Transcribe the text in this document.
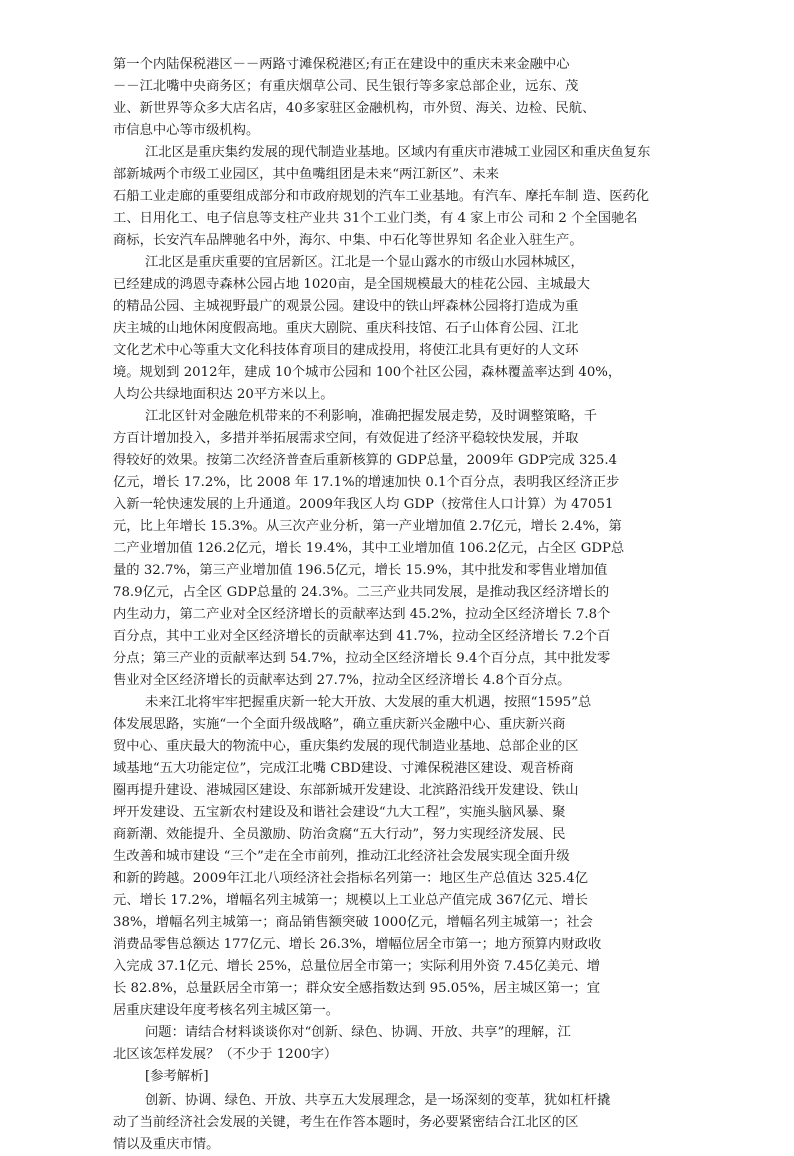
第一个内陆保税港区－－两路寸滩保税港区;有正在建设中的重庆未来金融中心
－－江北嘴中央商务区；有重庆烟草公司、民生银行等多家总部企业，远东、茂
业、新世界等众多大店名店，40多家驻区金融机构，市外贸、海关、边检、民航、
市信息中心等市级机构。
江北区是重庆集约发展的现代制造业基地。区域内有重庆市港城工业园区和重庆鱼复东
部新城两个市级工业园区，其中鱼嘴组团是未来“两江新区”、未来
石船工业走廊的重要组成部分和市政府规划的汽车工业基地。有汽车、摩托车制 造、医药化
工、日用化工、电子信息等支柱产业共 31个工业门类，有 4 家上市公 司和 2 个全国驰名
商标，长安汽车品牌驰名中外，海尔、中集、中石化等世界知 名企业入驻生产。
江北区是重庆重要的宜居新区。江北是一个显山露水的市级山水园林城区，
已经建成的鸿恩寺森林公园占地 1020亩，是全国规模最大的桂花公园、主城最大
的精品公园、主城视野最广的观景公园。建设中的铁山坪森林公园将打造成为重
庆主城的山地休闲度假高地。重庆大剧院、重庆科技馆、石子山体育公园、江北
文化艺术中心等重大文化科技体育项目的建成投用，将使江北具有更好的人文环
境。规划到 2012年，建成 10个城市公园和 100个社区公园，森林覆盖率达到 40%，
人均公共绿地面积达 20平方米以上。
江北区针对金融危机带来的不利影响，准确把握发展走势，及时调整策略，千
方百计增加投入，多措并举拓展需求空间，有效促进了经济平稳较快发展，并取
得较好的效果。按第二次经济普查后重新核算的 GDP总量，2009年 GDP完成 325.4
亿元，增长 17.2%，比 2008 年 17.1%的增速加快 0.1个百分点，表明我区经济正步
入新一轮快速发展的上升通道。2009年我区人均 GDP（按常住人口计算）为 47051
元，比上年增长 15.3%。从三次产业分析，第一产业增加值 2.7亿元，增长 2.4%，第
二产业增加值 126.2亿元，增长 19.4%，其中工业增加值 106.2亿元，占全区 GDP总
量的 32.7%，第三产业增加值 196.5亿元，增长 15.9%，其中批发和零售业增加值
78.9亿元，占全区 GDP总量的 24.3%。二三产业共同发展，是推动我区经济增长的
内生动力，第二产业对全区经济增长的贡献率达到 45.2%，拉动全区经济增长 7.8个
百分点，其中工业对全区经济增长的贡献率达到 41.7%，拉动全区经济增长 7.2个百
分点；第三产业的贡献率达到 54.7%，拉动全区经济增长 9.4个百分点，其中批发零
售业对全区经济增长的贡献率达到 27.7%，拉动全区经济增长 4.8个百分点。
未来江北将牢牢把握重庆新一轮大开放、大发展的重大机遇，按照“1595”总
体发展思路，实施“一个全面升级战略”，确立重庆新兴金融中心、重庆新兴商
贸中心、重庆最大的物流中心，重庆集约发展的现代制造业基地、总部企业的区
域基地“五大功能定位”，完成江北嘴 CBD建设、寸滩保税港区建设、观音桥商
圈再提升建设、港城园区建设、东部新城开发建设、北滨路沿线开发建设、铁山
坪开发建设、五宝新农村建设及和谐社会建设“九大工程”，实施头脑风暴、聚
商新潮、效能提升、全员激励、防治贪腐“五大行动”，努力实现经济发展、民
生改善和城市建设 “三个”走在全市前列，推动江北经济社会发展实现全面升级
和新的跨越。2009年江北八项经济社会指标名列第一：地区生产总值达 325.4亿
元、增长 17.2%，增幅名列主城第一；规模以上工业总产值完成 367亿元、增长
38%，增幅名列主城第一；商品销售额突破 1000亿元，增幅名列主城第一；社会
消费品零售总额达 177亿元、增长 26.3%，增幅位居全市第一；地方预算内财政收
入完成 37.1亿元、增长 25%，总量位居全市第一；实际利用外资 7.45亿美元、增
长 82.8%，总量跃居全市第一；群众安全感指数达到 95.05%，居主城区第一；宜
居重庆建设年度考核名列主城区第一。
问题：请结合材料谈谈你对“创新、绿色、协调、开放、共享”的理解，江
北区该怎样发展？（不少于 1200字）
[参考解析]
创新、协调、绿色、开放、共享五大发展理念，是一场深刻的变革，犹如杠杆撬
动了当前经济社会发展的关键，考生在作答本题时，务必要紧密结合江北区的区
情以及重庆市情。
